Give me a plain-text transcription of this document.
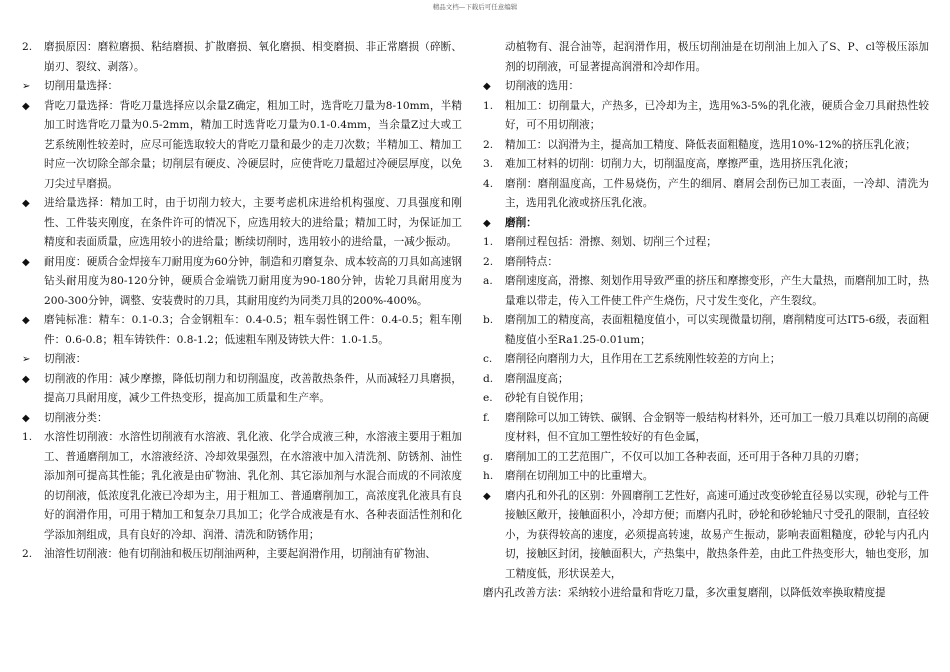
精品文档—下载后可任意编辑
2.	磨损原因：磨粒磨损、粘结磨损、扩散磨损、氧化磨损、相变磨损、非正常磨损（碎断、崩刃、裂纹、剥落）。
➢	切削用量选择：
◆	背吃刀量选择：背吃刀量选择应以余量Z确定，粗加工时，选背吃刀量为8-10mm，半精加工时选背吃刀量为0.5-2mm，精加工时选背吃刀量为0.1-0.4mm，当余量Z过大或工艺系统刚性较差时，应尽可能选取较大的背吃刀量和最少的走刀次数；半精加工、精加工时应一次切除全部余量；切削层有硬皮、冷硬层时，应使背吃刀量超过冷硬层厚度，以免刀尖过早磨损。
◆	进给量选择：精加工时，由于切削力较大，主要考虑机床进给机构强度、刀具强度和刚性、工件装夹刚度，在条件许可的情况下，应选用较大的进给量；精加工时，为保证加工精度和表面质量，应选用较小的进给量；断续切削时，选用较小的进给量，一减少振动。
◆	耐用度：硬质合金焊接车刀耐用度为60分钟，制造和刃磨复杂、成本较高的刀具如高速钢钻头耐用度为80-120分钟，硬质合金端铣刀耐用度为90-180分钟，齿轮刀具耐用度为200-300分钟，调整、安装费时的刀具，其耐用度约为同类刀具的200%-400%。
◆	磨钝标准：精车：0.1-0.3；合金钢粗车：0.4-0.5；粗车弱性钢工件：0.4-0.5；粗车刚件：0.6-0.8；粗车铸铁件：0.8-1.2；低速粗车刚及铸铁大件：1.0-1.5。
➢	切削液：
◆	切削液的作用：减少摩擦，降低切削力和切削温度，改善散热条件，从而减轻刀具磨损，提高刀具耐用度，减少工件热变形，提高加工质量和生产率。
◆	切削液分类：
1.	水溶性切削液：水溶性切削液有水溶液、乳化液、化学合成液三种，水溶液主要用于粗加工、普通磨削加工，水溶液经济、冷却效果强烈，在水溶液中加入清洗剂、防锈剂、油性添加剂可提高其性能；乳化液是由矿物油、乳化剂、其它添加剂与水混合而成的不同浓度的切削液，低浓度乳化液已冷却为主，用于粗加工、普通磨削加工，高浓度乳化液具有良好的润滑作用，可用于精加工和复杂刀具加工；化学合成液是有水、各种表面活性剂和化学添加剂组成，具有良好的冷却、润滑、清洗和防锈作用；
2.	油溶性切削液：他有切削油和极压切削油两种，主要起润滑作用，切削油有矿物油、
动植物有、混合油等，起润滑作用，极压切削油是在切削油上加入了S、P、cl等极压添加剂的切削液，可显著提高润滑和冷却作用。
◆	切削液的选用：
1.	粗加工：切削量大，产热多，已冷却为主，选用%3-5%的乳化液，硬质合金刀具耐热性较好，可不用切削液；
2.	精加工：以润滑为主，提高加工精度、降低表面粗糙度，选用10%-12%的挤压乳化液；
3.	难加工材料的切削：切削力大，切削温度高，摩擦严重，选用挤压乳化液；
4.	磨削：磨削温度高，工件易烧伤，产生的细屑、磨屑会刮伤已加工表面，一冷却、清洗为主，选用乳化液或挤压乳化液。
◆	磨削：
1.	磨削过程包括：滑擦、刻划、切削三个过程；
2.	磨削特点：
a.	磨削速度高，滑擦、刻划作用导致严重的挤压和摩擦变形，产生大量热，而磨削加工时，热量难以带走，传入工件使工件产生烧伤，尺寸发生变化，产生裂纹。
b.	磨削加工的精度高，表面粗糙度值小，可以实现微量切削，磨削精度可达IT5-6级，表面粗糙度值小至Ra1.25-0.01um；
c.	磨削径向磨削力大，且作用在工艺系统刚性较差的方向上；
d.	磨削温度高；
e.	砂轮有自锐作用；
f.	磨削除可以加工铸铁、碳钢、合金钢等一般结构材料外，还可加工一般刀具难以切削的高硬度材料，但不宜加工塑性较好的有色金属，
g.	磨削加工的工艺范围广，不仅可以加工各种表面，还可用于各种刀具的刃磨；
h.	磨削在切削加工中的比重增大。
◆	磨内孔和外孔的区别：外圆磨削工艺性好，高速可通过改变砂轮直径易以实现，砂轮与工件接触区敞开，接触面积小，冷却方便；而磨内孔时，砂轮和砂轮轴尺寸受孔的限制，直径较小，为获得较高的速度，必须提高转速，故易产生振动，影响表面粗糙度，砂轮与内孔内切，接触区封闭，接触面积大，产热集中，散热条件差，由此工件热变形大，轴也变形，加工精度低，形状误差大，
磨内孔改善方法：采纳较小进给量和背吃刀量，多次重复磨削，以降低效率换取精度提
